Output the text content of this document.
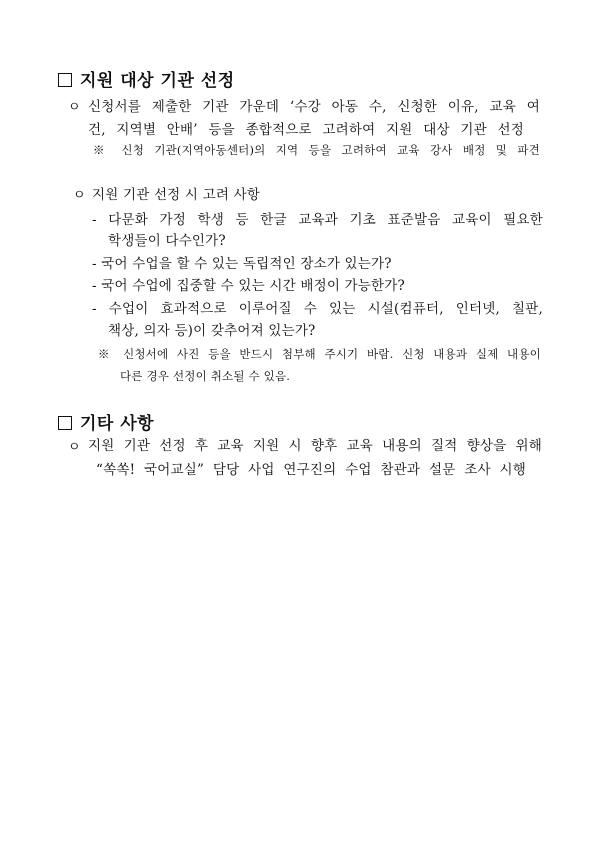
지원 대상 기관 선정
ㅇ 신청서를 제출한 기관 가운데 ‘수강 아동 수, 신청한 이유, 교육 여
건, 지역별 안배’ 등을 종합적으로 고려하여 지원 대상 기관 선정
※ 신청 기관(지역아동센터)의 지역 등을 고려하여 교육 강사 배정 및 파견
ㅇ 지원 기관 선정 시 고려 사항
- 다문화 가정 학생 등 한글 교육과 기초 표준발음 교육이 필요한
학생들이 다수인가?
- 국어 수업을 할 수 있는 독립적인 장소가 있는가?
- 국어 수업에 집중할 수 있는 시간 배정이 가능한가?
- 수업이 효과적으로 이루어질 수 있는 시설(컴퓨터, 인터넷, 칠판,
책상, 의자 등)이 갖추어져 있는가?
※ 신청서에 사진 등을 반드시 첨부해 주시기 바람. 신청 내용과 실제 내용이
다른 경우 선정이 취소될 수 있음.
기타 사항
ㅇ 지원 기관 선정 후 교육 지원 시 향후 교육 내용의 질적 향상을 위해
“쏙쏙! 국어교실” 담당 사업 연구진의 수업 참관과 설문 조사 시행
